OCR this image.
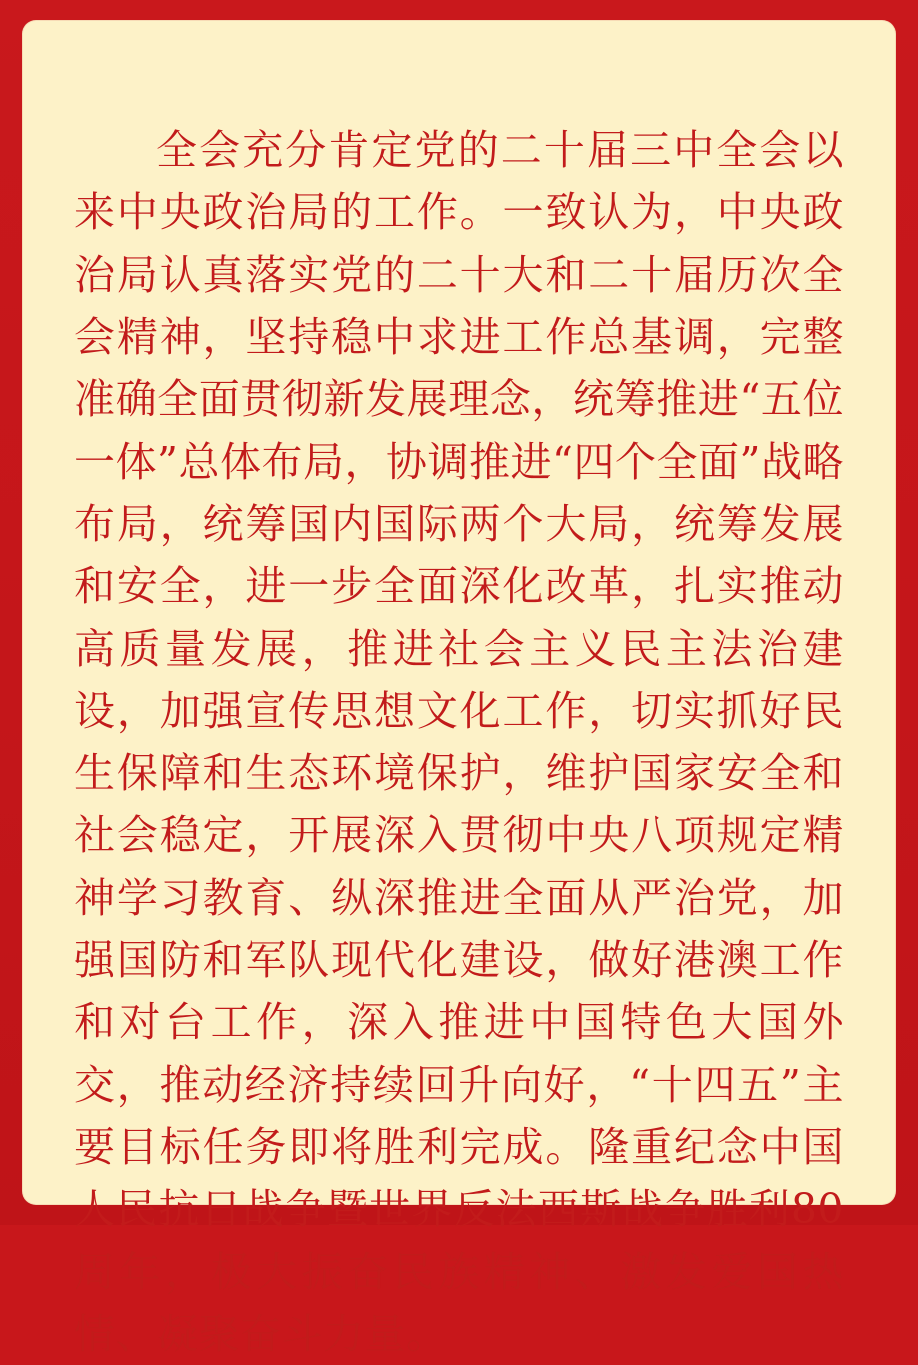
全会充分肯定党的二十届三中全会以来中央政治局的工作。一致认为，中央政治局认真落实党的二十大和二十届历次全会精神，坚持稳中求进工作总基调，完整准确全面贯彻新发展理念，统筹推进“五位一体”总体布局，协调推进“四个全面”战略布局，统筹国内国际两个大局，统筹发展和安全，进一步全面深化改革，扎实推动高质量发展，推进社会主义民主法治建设，加强宣传思想文化工作，切实抓好民生保障和生态环境保护，维护国家安全和社会稳定，开展深入贯彻中央八项规定精神学习教育、纵深推进全面从严治党，加强国防和军队现代化建设，做好港澳工作和对台工作，深入推进中国特色大国外交，推动经济持续回升向好，“十四五”主要目标任务即将胜利完成。隆重纪念中国人民抗日战争暨世界反法西斯战争胜利80周年，极大振奋民族精神、激发爱国热情、凝聚奋斗力量。
